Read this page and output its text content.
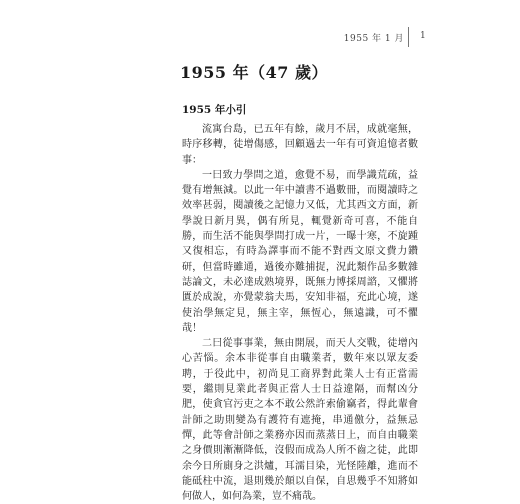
1955 年 1 月 1
1955 年（47 歲）
1955 年小引

流寓台島，已五年有餘，歲月不居，成就毫無，時序移轉，徒增傷感，回顧過去一年有可資追憶者數事：

一曰致力學問之道，愈覺不易，而學識荒疏，益覺有增無減。以此一年中讀書不過數冊，而閱讀時之效率甚弱，閱讀後之記憶力又低，尤其西文方面，新學說日新月異，偶有所見，輒覺新奇可喜，不能自勝，而生活不能與學問打成一片，一曝十寒，不旋踵又復相忘，有時為譯事而不能不對西文原文費力鑽研，但當時雖通，過後亦難捕捉，況此類作品多數雜誌論文，未必達成熟境界，既無力博採周諮，又懼將匱於成說，亦覺蒙翁夫馬，安知非福，充此心境，遂使治學無定見，無主宰，無恆心，無遠識，可不懼哉！

二曰從事事業，無由開展，而天人交戰，徒增內心苦惱。余本非從事自由職業者，數年來以眾友委聘，于役此中，初尚見工商界對此業人士有正當需要，繼則見業此者與正當人士日益違隔，而幫凶分肥，使貪官污吏之本不敢公然許索偷竊者，得此輩會計師之助則變為有護符有遮掩，串通儌分，益無忌憚，此等會計師之業務亦因而蒸蒸日上，而自由職業之身價則漸漸降低，沒假而成為人所不齒之徒，此即余今日所廁身之洪爐，耳濡目染，光怪陸離，進而不能砥柱中流，退則幾於顛以自保，自思幾乎不知將如何做人，如何為業，豈不痛哉。
